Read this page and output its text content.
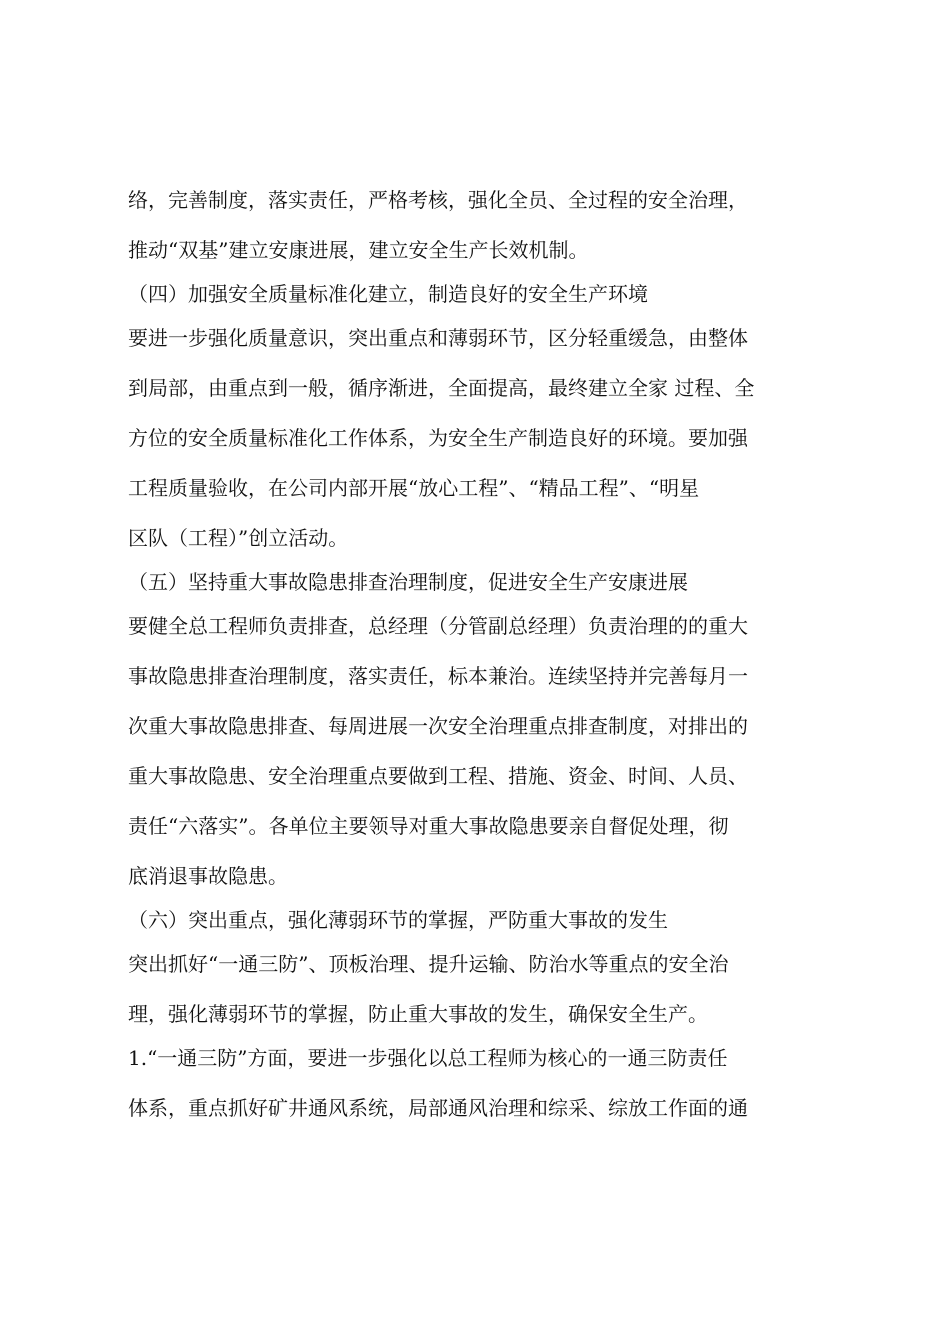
络，完善制度，落实责任，严格考核，强化全员、全过程的安全治理，
推动“双基”建立安康进展，建立安全生产长效机制。
（四）加强安全质量标准化建立，制造良好的安全生产环境
要进一步强化质量意识，突出重点和薄弱环节，区分轻重缓急，由整体
到局部，由重点到一般，循序渐进，全面提高，最终建立全家 过程、全
方位的安全质量标准化工作体系，为安全生产制造良好的环境。要加强
工程质量验收，在公司内部开展“放心工程”、“精品工程”、“明星
区队（工程）”创立活动。
（五）坚持重大事故隐患排查治理制度，促进安全生产安康进展
要健全总工程师负责排查，总经理（分管副总经理）负责治理的的重大
事故隐患排查治理制度，落实责任，标本兼治。连续坚持并完善每月一
次重大事故隐患排查、每周进展一次安全治理重点排查制度，对排出的
重大事故隐患、安全治理重点要做到工程、措施、资金、时间、人员、
责任“六落实”。各单位主要领导对重大事故隐患要亲自督促处理，彻
底消退事故隐患。
（六）突出重点，强化薄弱环节的掌握，严防重大事故的发生
突出抓好“一通三防”、顶板治理、提升运输、防治水等重点的安全治
理，强化薄弱环节的掌握，防止重大事故的发生，确保安全生产。
1.“一通三防”方面，要进一步强化以总工程师为核心的一通三防责任
体系，重点抓好矿井通风系统，局部通风治理和综采、综放工作面的通
